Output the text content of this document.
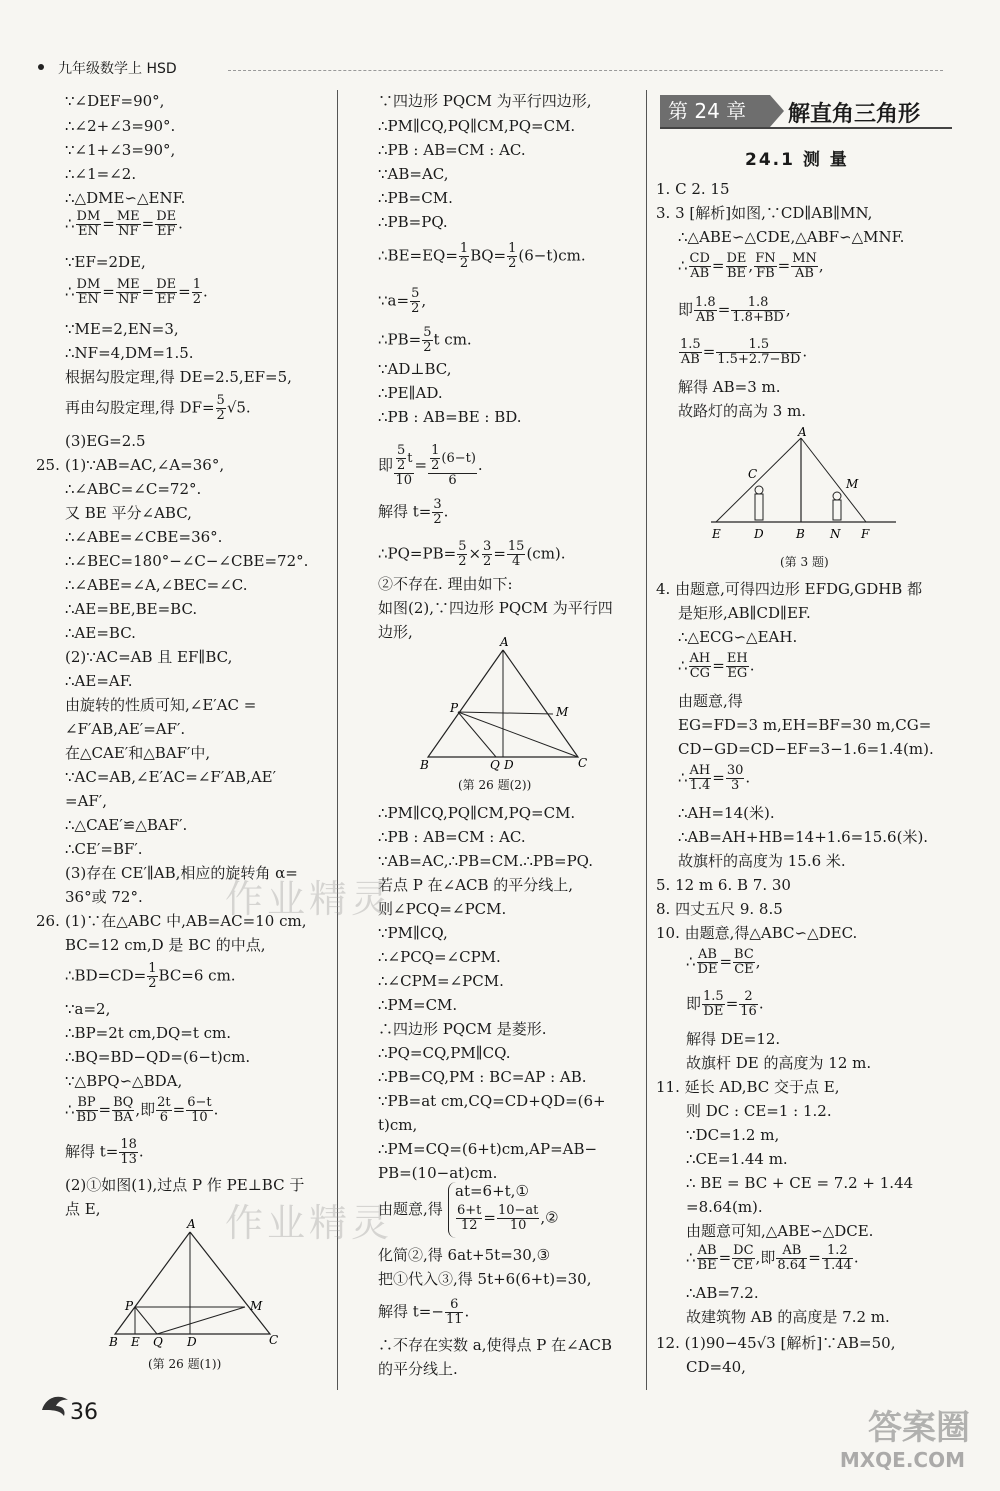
九年级数学上 HSD
∵∠DEF=90°,
∴∠2+∠3=90°.
∵∠1+∠3=90°,
∴∠1=∠2.
∴△DME∽△ENF.
∴ $\frac{DM}{EN} = \frac{ME}{NF} = \frac{DE}{EF}$ .
∵EF=2DE,
∴ $\frac{DM}{EN} = \frac{ME}{NF} = \frac{DE}{EF} = \frac{1}{2}$ .
∵ME=2,EN=3,
∴NF=4,DM=1.5.
根据勾股定理,得 DE=2.5,EF=5,
再由勾股定理,得 $DF= \frac{5}{2} √5$.
(3)EG=2.5
25. (1)∵AB=AC,∠A=36°,
∴∠ABC=∠C=72°.
又 BE 平分∠ABC,
∴∠ABE=∠CBE=36°.
∴∠BEC=180°−∠C−∠CBE=72°.
∴∠ABE=∠A,∠BEC=∠C.
∴AE=BE,BE=BC.
∴AE=BC.
(2)∵AC=AB 且 EF∥BC,
∴AE=AF.
由旋转的性质可知,∠E′AC =
∠F′AB,AE′=AF′.
在△CAE′和△BAF′中,
∵AC=AB,∠E′AC=∠F′AB,AE′
=AF′,
∴△CAE′≌△BAF′.
∴CE′=BF′.
(3)存在 CE′∥AB,相应的旋转角 α=
36°或 72°.
26. (1)∵在△ABC 中,AB=AC=10 cm,
BC=12 cm,D 是 BC 的中点,
∴BD=CD= $\frac{1}{2} BC=6$ cm.
∵a=2,
∴BP=2t cm,DQ=t cm.
∴BQ=BD−QD=(6−t)cm.
∵△BPQ∽△BDA,
∴ $\frac{BP}{BD} = \frac{BQ}{BA}$ ,即 $\frac{2t}{6} = \frac{6-t}{10}$ .
解得 $t= \frac{18}{13}$ .
(2)①如图(1),过点 P 作 PE⊥BC 于
点 E,
A
P	M
B E Q D	C
(第 26 题(1))
∵四边形 PQCM 为平行四边形,
∴PM∥CQ,PQ∥CM,PQ=CM.
∴PB : AB=CM : AC.
∵AB=AC,
∴PB=CM.
∴PB=PQ.
∴BE=EQ= $\frac{1}{2} BQ= \frac{1}{2} (6-t)cm$.
∵a= $\frac{5}{2}$ ,
∴PB= $\frac{5}{2}$ t cm.
∵AD⊥BC,
∴PE∥AD.
∴PB : AB=BE : BD.
即 $\frac{\frac{5}{2} t}{10} = \frac{\frac{1}{2} (6-t)}{6}$ .
解得 $t= \frac{3}{2}$ .
∴PQ=PB= $\frac{5}{2} \times \frac{3}{2} = \frac{15}{4} (cm)$.
②不存在. 理由如下:
如图(2),∵四边形 PQCM 为平行四
边形,
A
P	M
B	Q D	C
(第 26 题(2))
∴PM∥CQ,PQ∥CM,PQ=CM.
∴PB : AB=CM : AC.
∵AB=AC,∴PB=CM.∴PB=PQ.
若点 P 在∠ACB 的平分线上,
则∠PCQ=∠PCM.
∵PM∥CQ,
∴∠PCQ=∠CPM.
∴∠CPM=∠PCM.
∴PM=CM.
∴四边形 PQCM 是菱形.
∴PQ=CQ,PM∥CQ.
∴PB=CQ,PM : BC=AP : AB.
∵PB=at cm,CQ=CD+QD=(6+
t)cm,
∴PM=CQ=(6+t)cm,AP=AB−
PB=(10−at)cm.
由题意,得
at=6+t,①
$\frac{6+t}{12} = \frac{10-at}{10}$ ,②
化简②,得 6at+5t=30,③
把①代入③,得 5t+6(6+t)=30,
解得 $t=- \frac{6}{11}$ .
∴不存在实数 a,使得点 P 在∠ACB
的平分线上.
第 24 章	解直角三角形
24.1 测 量
1. C 2. 15
3. 3 [解析]如图,∵CD∥AB∥MN,
∴△ABE∽△CDE,△ABF∽△MNF.
∴ $\frac{CD}{AB} = \frac{DE}{BE}$ , $\frac{FN}{FB} = \frac{MN}{AB}$ ,
即 $\frac{1.8}{AB} = \frac{1.8}{1.8+BD}$ ,
$\frac{1.5}{AB} = \frac{1.5}{1.5+2.7-BD}$ .
解得 AB=3 m.
故路灯的高为 3 m.
A
C
M
E	D	B N F
(第 3 题)
4. 由题意,可得四边形 EFDG,GDHB 都
是矩形,AB∥CD∥EF.
∴△ECG∽△EAH.
∴ $\frac{AH}{CG} = \frac{EH}{EG}$ .
由题意,得
EG=FD=3 m,EH=BF=30 m,CG=
CD−GD=CD−EF=3−1.6=1.4(m).
∴ $\frac{AH}{1.4} = \frac{30}{3}$ .
∴AH=14(米).
∴AB=AH+HB=14+1.6=15.6(米).
故旗杆的高度为 15.6 米.
5. 12 m 6. B 7. 30
8. 四丈五尺 9. 8.5
10. 由题意,得△ABC∽△DEC.
∴ $\frac{AB}{DE} = \frac{BC}{CE}$ ,
即 $\frac{1.5}{DE} = \frac{2}{16}$ .
解得 DE=12.
故旗杆 DE 的高度为 12 m.
11. 延长 AD,BC 交于点 E,
则 DC : CE=1 : 1.2.
∵DC=1.2 m,
∴CE=1.44 m.
∴ BE = BC + CE = 7.2 + 1.44
=8.64(m).
由题意可知,△ABE∽△DCE.
∴ $\frac{AB}{BE} = \frac{DC}{CE}$ ,即 $\frac{AB}{8.64} = \frac{1.2}{1.44}$ .
∴AB=7.2.
故建筑物 AB 的高度是 7.2 m.
12. (1)90−45√3 [解析]∵AB=50,
CD=40,
作业精灵
作业精灵
36	答案圈
MXQE.COM
